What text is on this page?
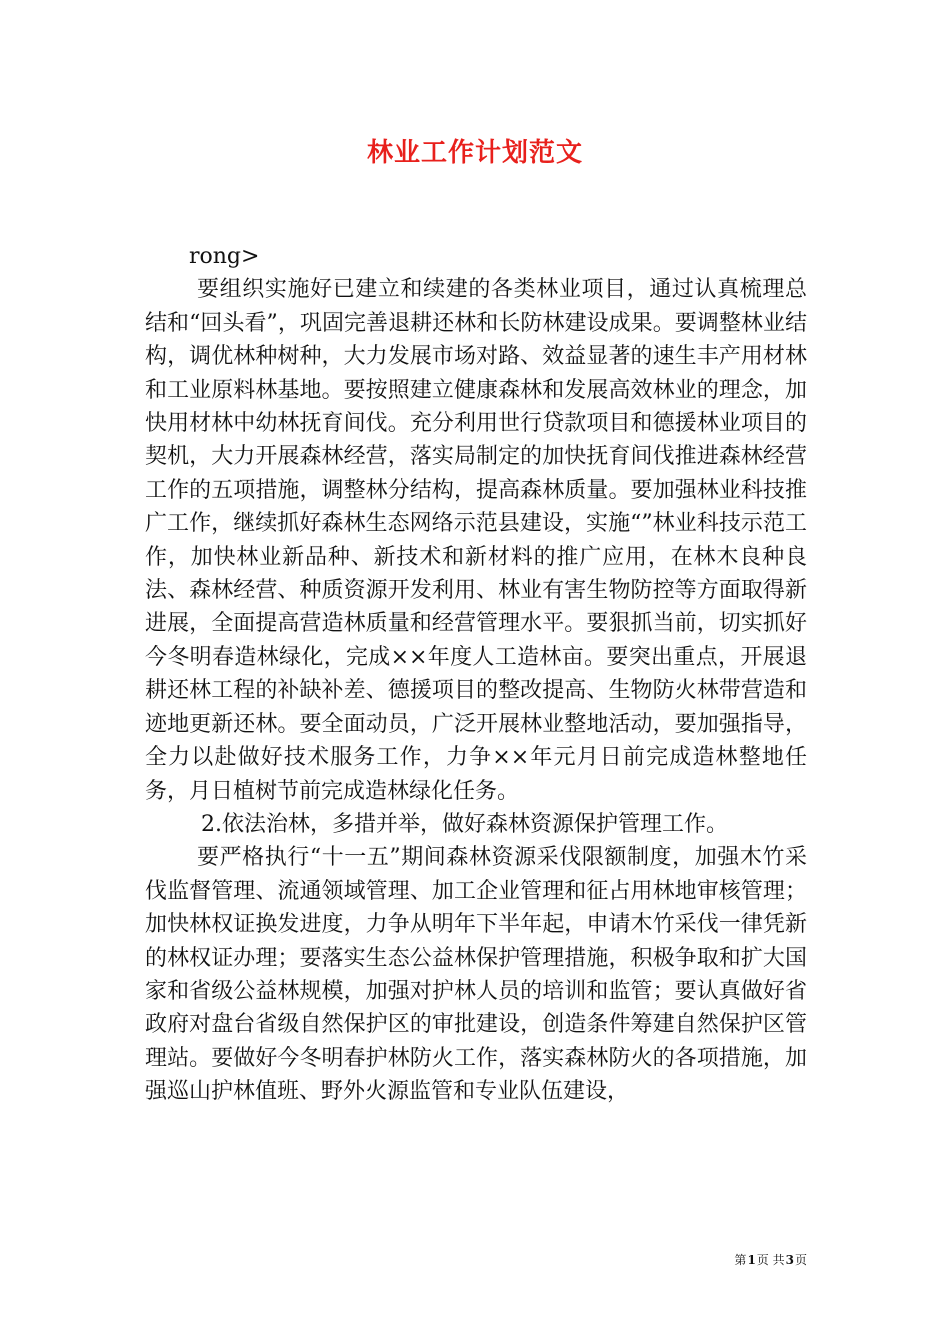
林业工作计划范文

rong>

要组织实施好已建立和续建的各类林业项目，通过认真梳理总结和“回头看”，巩固完善退耕还林和长防林建设成果。要调整林业结构，调优林种树种，大力发展市场对路、效益显著的速生丰产用材林和工业原料林基地。要按照建立健康森林和发展高效林业的理念，加快用材林中幼林抚育间伐。充分利用世行贷款项目和德援林业项目的契机，大力开展森林经营，落实局制定的加快抚育间伐推进森林经营工作的五项措施，调整林分结构，提高森林质量。要加强林业科技推广工作，继续抓好森林生态网络示范县建设，实施“”林业科技示范工作，加快林业新品种、新技术和新材料的推广应用，在林木良种良法、森林经营、种质资源开发利用、林业有害生物防控等方面取得新进展，全面提高营造林质量和经营管理水平。要狠抓当前，切实抓好今冬明春造林绿化，完成××年度人工造林亩。要突出重点，开展退耕还林工程的补缺补差、德援项目的整改提高、生物防火林带营造和迹地更新还林。要全面动员，广泛开展林业整地活动，要加强指导，全力以赴做好技术服务工作，力争××年元月日前完成造林整地任务，月日植树节前完成造林绿化任务。

2.依法治林，多措并举，做好森林资源保护管理工作。

要严格执行“十一五”期间森林资源采伐限额制度，加强木竹采伐监督管理、流通领域管理、加工企业管理和征占用林地审核管理；加快林权证换发进度，力争从明年下半年起，申请木竹采伐一律凭新的林权证办理；要落实生态公益林保护管理措施，积极争取和扩大国家和省级公益林规模，加强对护林人员的培训和监管；要认真做好省政府对盘台省级自然保护区的审批建设，创造条件筹建自然保护区管理站。要做好今冬明春护林防火工作，落实森林防火的各项措施，加强巡山护林值班、野外火源监管和专业队伍建设，

第1页 共3页
